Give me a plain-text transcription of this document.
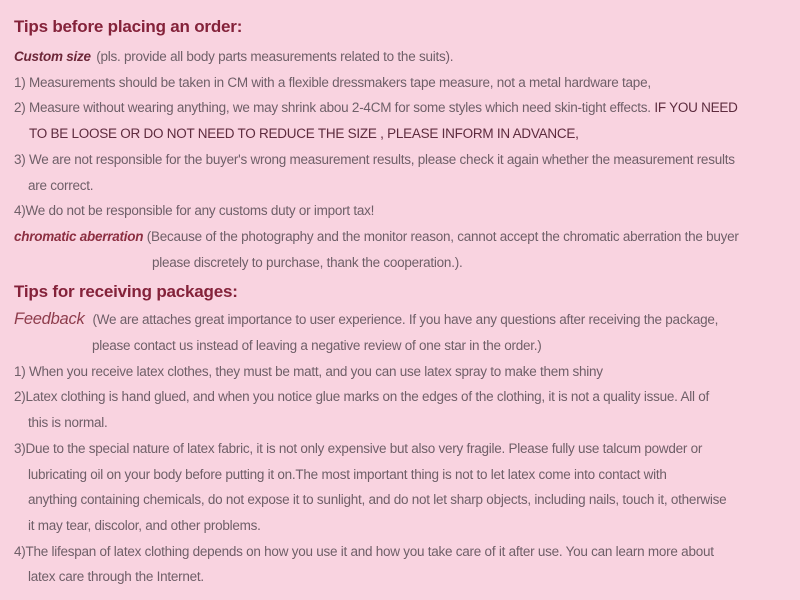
Tips before placing an order:
Custom size (pls. provide all body parts measurements related to the suits).
1) Measurements should be taken in CM with a flexible dressmakers tape measure, not a metal hardware tape,
2) Measure without wearing anything, we may shrink abou 2-4CM for some styles which need skin-tight effects. IF YOU NEED
TO BE LOOSE OR DO NOT NEED TO REDUCE THE SIZE , PLEASE INFORM IN ADVANCE,
3) We are not responsible for the buyer's wrong measurement results, please check it again whether the measurement results
are correct.
4)We do not be responsible for any customs duty or import tax!
chromatic aberration (Because of the photography and the monitor reason, cannot accept the chromatic aberration the buyer
please discretely to purchase, thank the cooperation.).
Tips for receiving packages:
Feedback (We are attaches great importance to user experience. If you have any questions after receiving the package,
please contact us instead of leaving a negative review of one star in the order.)
1) When you receive latex clothes, they must be matt, and you can use latex spray to make them shiny
2)Latex clothing is hand glued, and when you notice glue marks on the edges of the clothing, it is not a quality issue. All of
this is normal.
3)Due to the special nature of latex fabric, it is not only expensive but also very fragile. Please fully use talcum powder or
lubricating oil on your body before putting it on.The most important thing is not to let latex come into contact with
anything containing chemicals, do not expose it to sunlight, and do not let sharp objects, including nails, touch it, otherwise
it may tear, discolor, and other problems.
4)The lifespan of latex clothing depends on how you use it and how you take care of it after use. You can learn more about
latex care through the Internet.
